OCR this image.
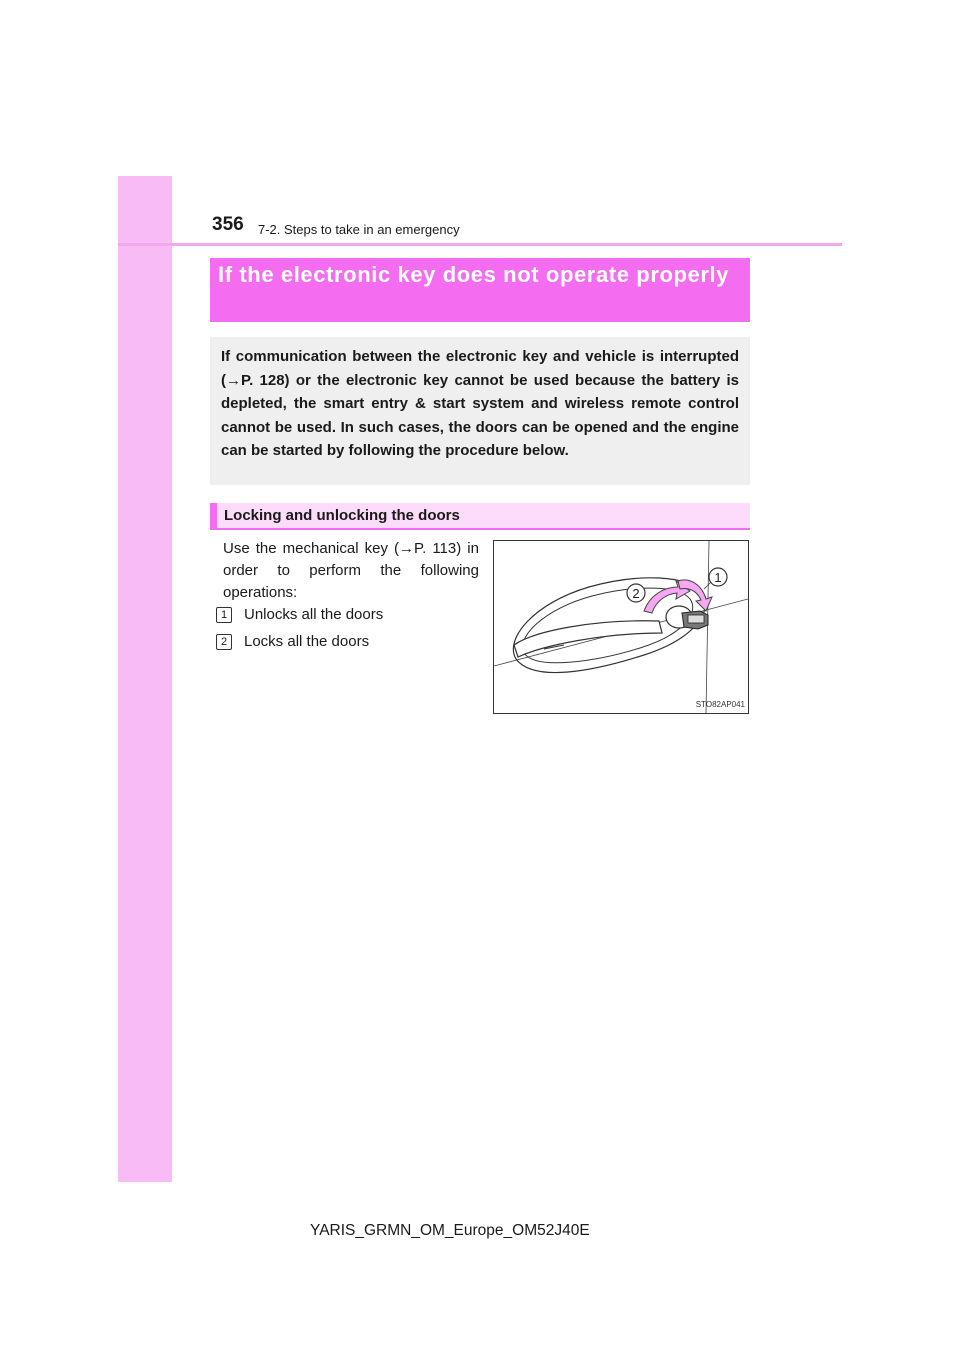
356 7-2. Steps to take in an emergency
If the electronic key does not operate properly
If communication between the electronic key and vehicle is interrupted (→P. 128) or the electronic key cannot be used because the battery is depleted, the smart entry & start system and wireless remote control cannot be used. In such cases, the doors can be opened and the engine can be started by following the procedure below.
Locking and unlocking the doors
Use the mechanical key (→P. 113) in order to perform the following operations:
1	Unlocks all the doors
2	Locks all the doors
1
2
STO82AP041
YARIS_GRMN_OM_Europe_OM52J40E
